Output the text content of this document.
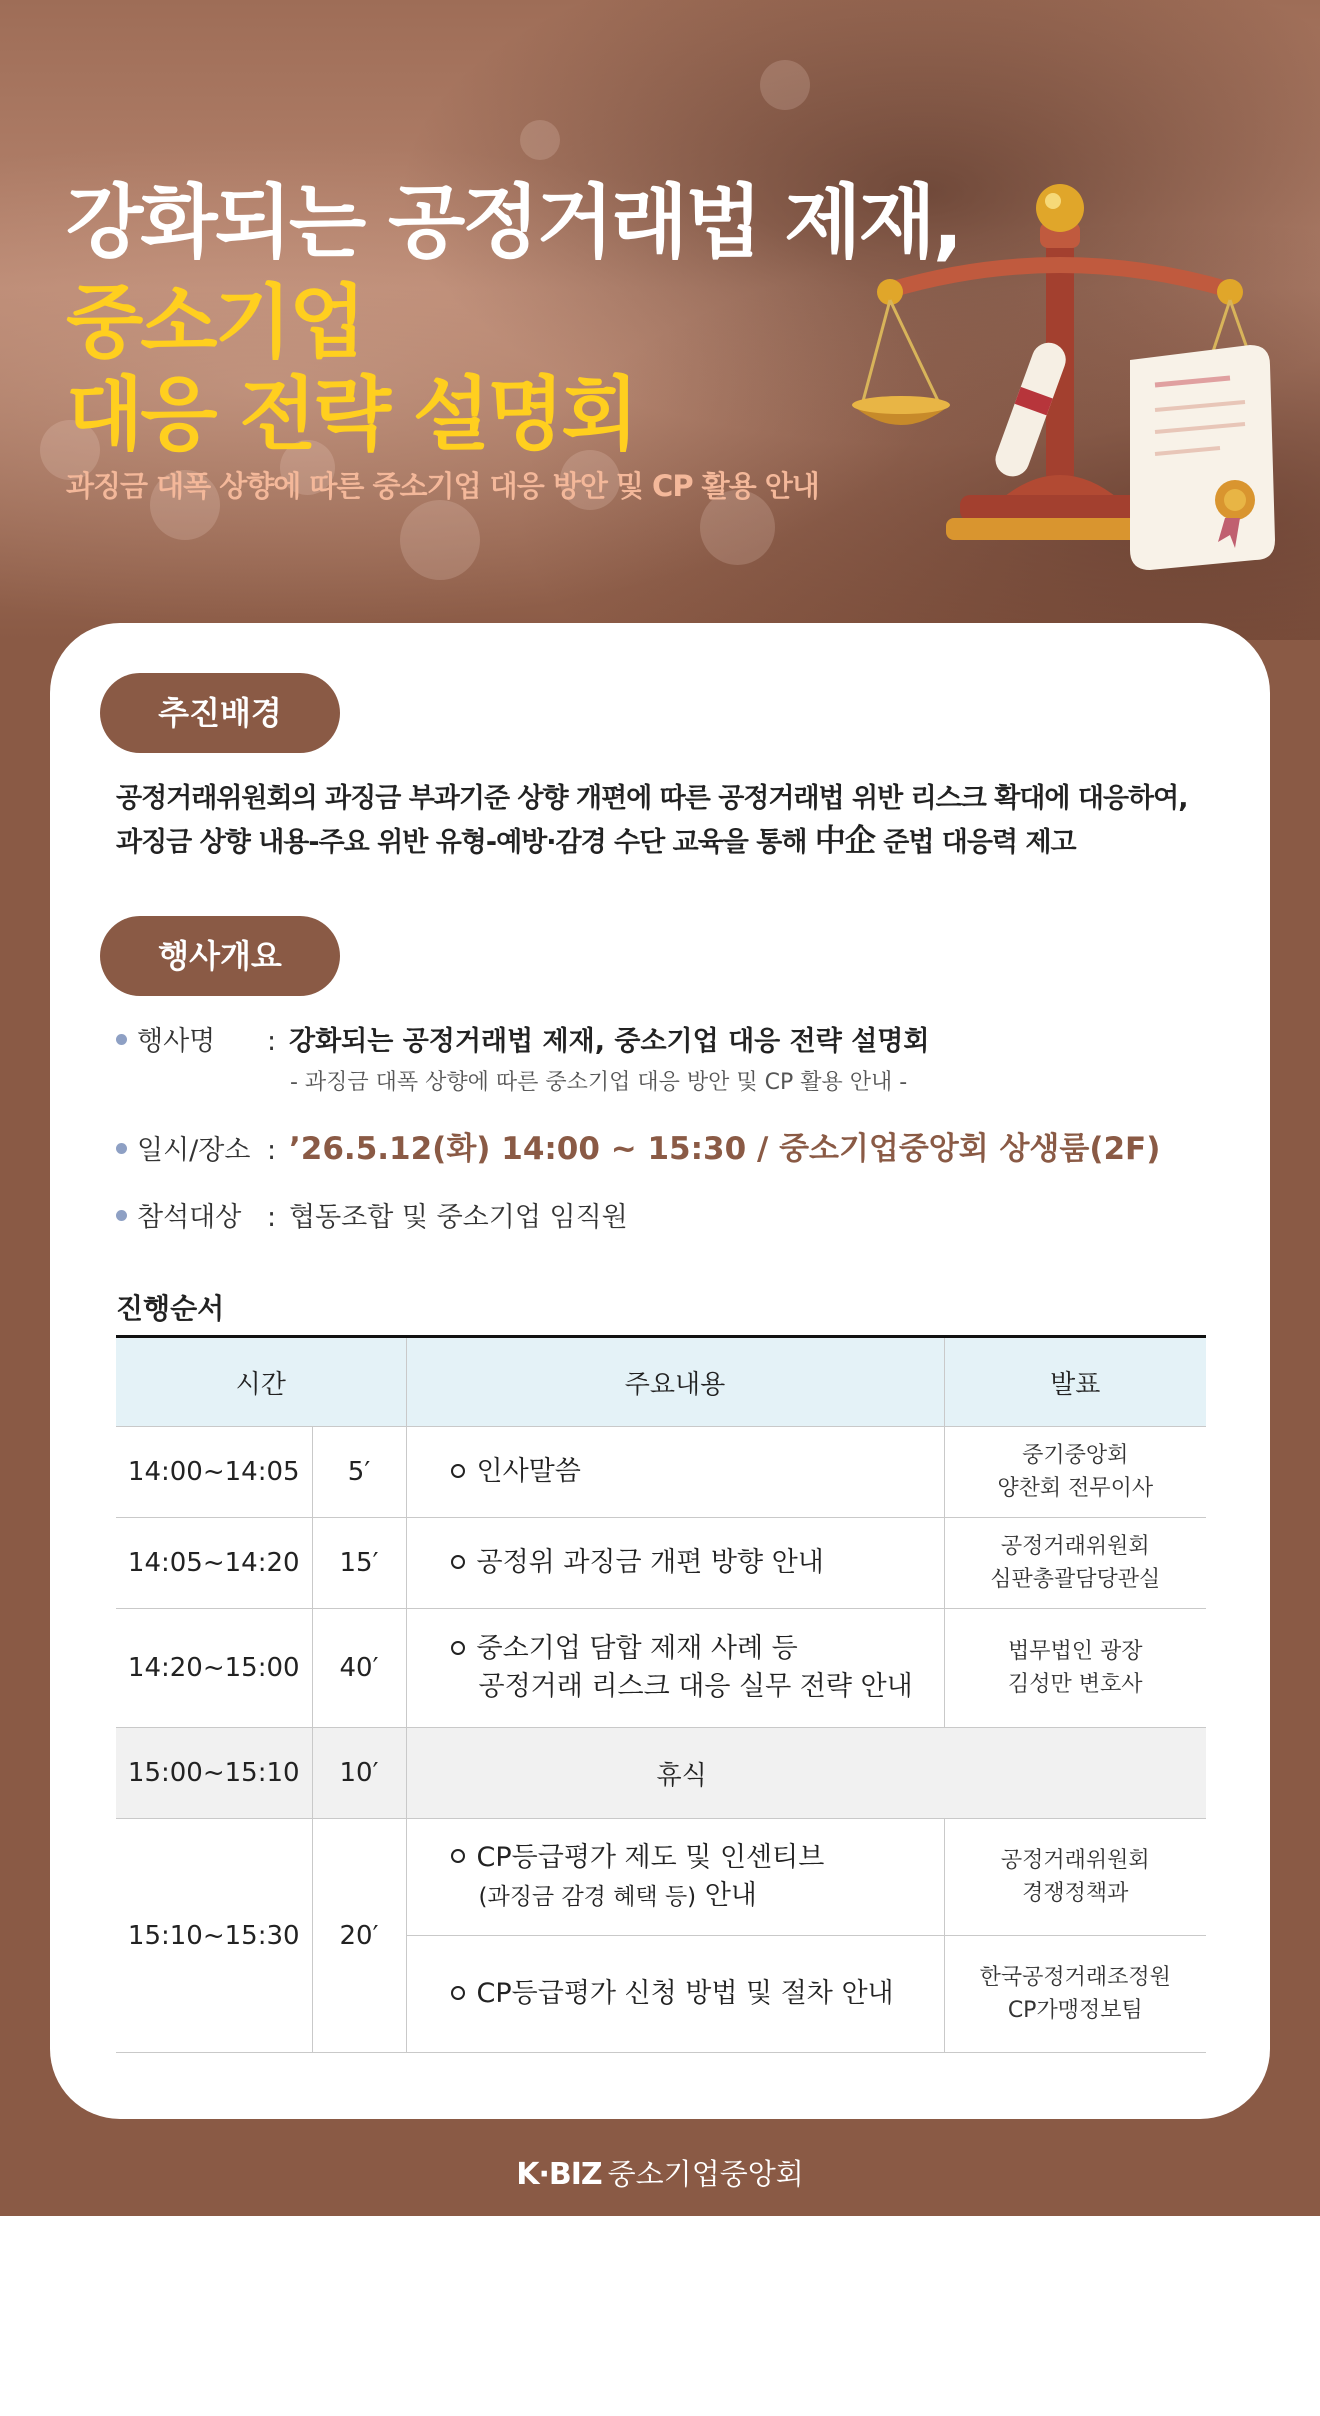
강화되는 공정거래법 제재,
중소기업
대응 전략 설명회
과징금 대폭 상향에 따른 중소기업 대응 방안 및 CP 활용 안내
추진배경
공정거래위원회의 과징금 부과기준 상향 개편에 따른 공정거래법 위반 리스크 확대에 대응하여,
과징금 상향 내용-주요 위반 유형-예방·감경 수단 교육을 통해 中企 준법 대응력 제고
행사개요
행사명 : 강화되는 공정거래법 제재, 중소기업 대응 전략 설명회
- 과징금 대폭 상향에 따른 중소기업 대응 방안 및 CP 활용 안내 -
일시/장소 : ’26.5.12(화) 14:00 ~ 15:30 / 중소기업중앙회 상생룸(2F)
참석대상 : 협동조합 및 중소기업 임직원
진행순서
시간		주요내용	발표
14:00~14:05	5′	인사말씀	중기중앙회
양찬회 전무이사
14:05~14:20	15′	공정위 과징금 개편 방향 안내	공정거래위원회
심판총괄담당관실
14:20~15:00	40′	중소기업 담합 제재 사례 등
공정거래 리스크 대응 실무 전략 안내	법무법인 광장
김성만 변호사
15:00~15:10	10′	휴식	
15:10~15:30	20′	CP등급평가 제도 및 인센티브
(과징금 감경 혜택 등) 안내	공정거래위원회
경쟁정책과
		CP등급평가 신청 방법 및 절차 안내	한국공정거래조정원
CP가맹정보팀
K·BIZ 중소기업중앙회
